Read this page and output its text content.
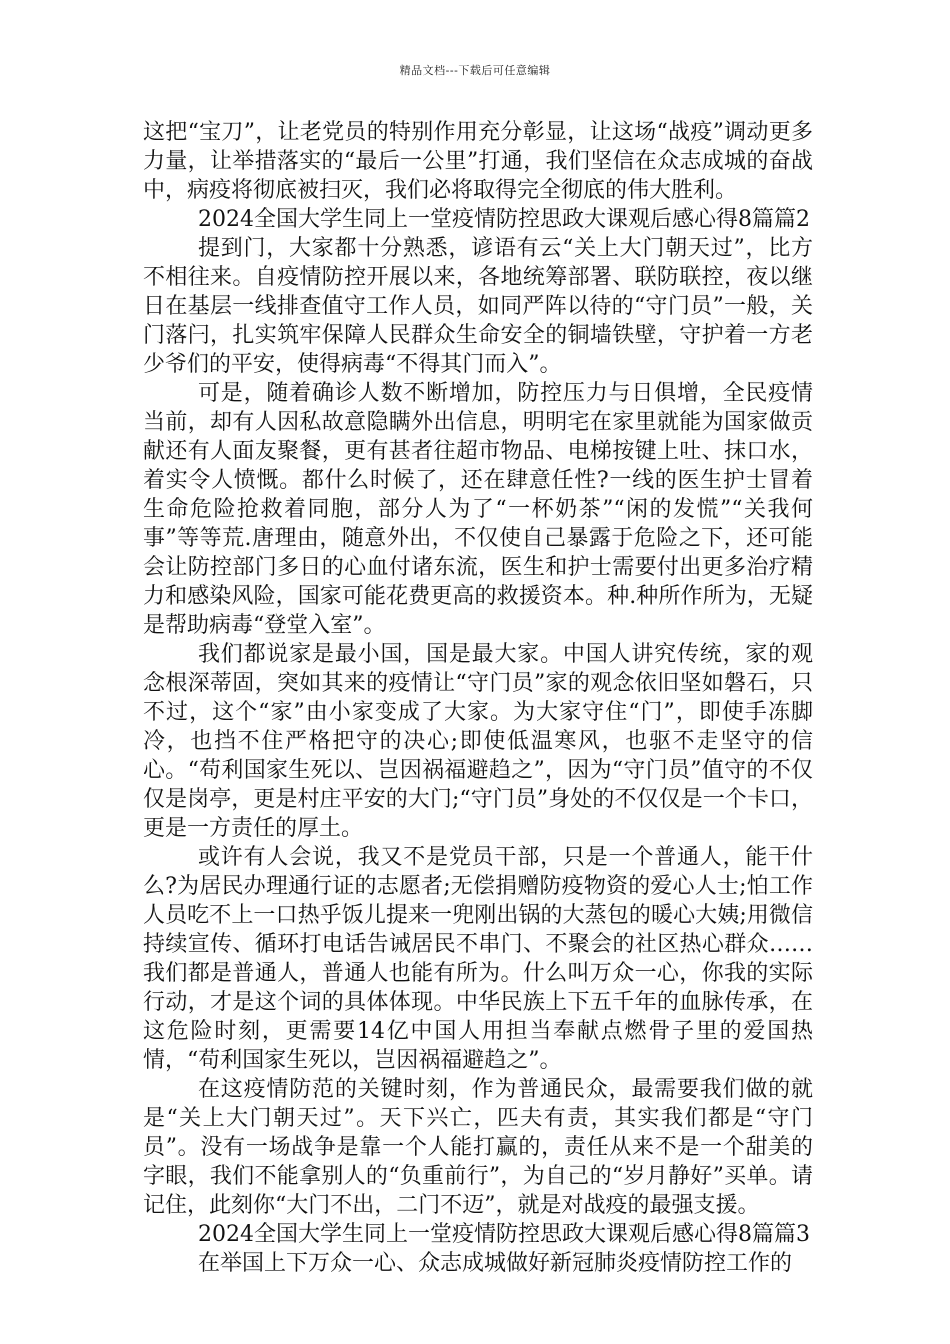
精品文档---下载后可任意编辑

这把“宝刀”，让老党员的特别作用充分彰显，让这场“战疫”调动更多力量，让举措落实的“最后一公里”打通，我们坚信在众志成城的奋战中，病疫将彻底被扫灭，我们必将取得完全彻底的伟大胜利。

2024全国大学生同上一堂疫情防控思政大课观后感心得8篇篇2

提到门，大家都十分熟悉，谚语有云“关上大门朝天过”，比方不相往来。自疫情防控开展以来，各地统筹部署、联防联控，夜以继日在基层一线排查值守工作人员，如同严阵以待的“守门员”一般，关门落闩，扎实筑牢保障人民群众生命安全的铜墙铁壁，守护着一方老少爷们的平安，使得病毒“不得其门而入”。

可是，随着确诊人数不断增加，防控压力与日俱增，全民疫情当前，却有人因私故意隐瞒外出信息，明明宅在家里就能为国家做贡献还有人面友聚餐，更有甚者往超市物品、电梯按键上吐、抹口水，着实令人愤慨。都什么时候了，还在肆意任性?一线的医生护士冒着生命危险抢救着同胞，部分人为了“一杯奶茶”“闲的发慌”“关我何事”等等荒.唐理由，随意外出，不仅使自己暴露于危险之下，还可能会让防控部门多日的心血付诸东流，医生和护士需要付出更多治疗精力和感染风险，国家可能花费更高的救援资本。种.种所作所为，无疑是帮助病毒“登堂入室”。

我们都说家是最小国，国是最大家。中国人讲究传统，家的观念根深蒂固，突如其来的疫情让“守门员”家的观念依旧坚如磐石，只不过，这个“家”由小家变成了大家。为大家守住“门”，即使手冻脚冷，也挡不住严格把守的决心;即使低温寒风，也驱不走坚守的信心。“苟利国家生死以、岂因祸福避趋之”，因为“守门员”值守的不仅仅是岗亭，更是村庄平安的大门;“守门员”身处的不仅仅是一个卡口，更是一方责任的厚土。

或许有人会说，我又不是党员干部，只是一个普通人，能干什么?为居民办理通行证的志愿者;无偿捐赠防疫物资的爱心人士;怕工作人员吃不上一口热乎饭儿提来一兜刚出锅的大蒸包的暖心大姨;用微信持续宣传、循环打电话告诫居民不串门、不聚会的社区热心群众……我们都是普通人，普通人也能有所为。什么叫万众一心，你我的实际行动，才是这个词的具体体现。中华民族上下五千年的血脉传承，在这危险时刻，更需要14亿中国人用担当奉献点燃骨子里的爱国热情，“苟利国家生死以，岂因祸福避趋之”。

在这疫情防范的关键时刻，作为普通民众，最需要我们做的就是“关上大门朝天过”。天下兴亡，匹夫有责，其实我们都是“守门员”。没有一场战争是靠一个人能打赢的，责任从来不是一个甜美的字眼，我们不能拿别人的“负重前行”，为自己的“岁月静好”买单。请记住，此刻你“大门不出，二门不迈”，就是对战疫的最强支援。

2024全国大学生同上一堂疫情防控思政大课观后感心得8篇篇3

在举国上下万众一心、众志成城做好新冠肺炎疫情防控工作的
